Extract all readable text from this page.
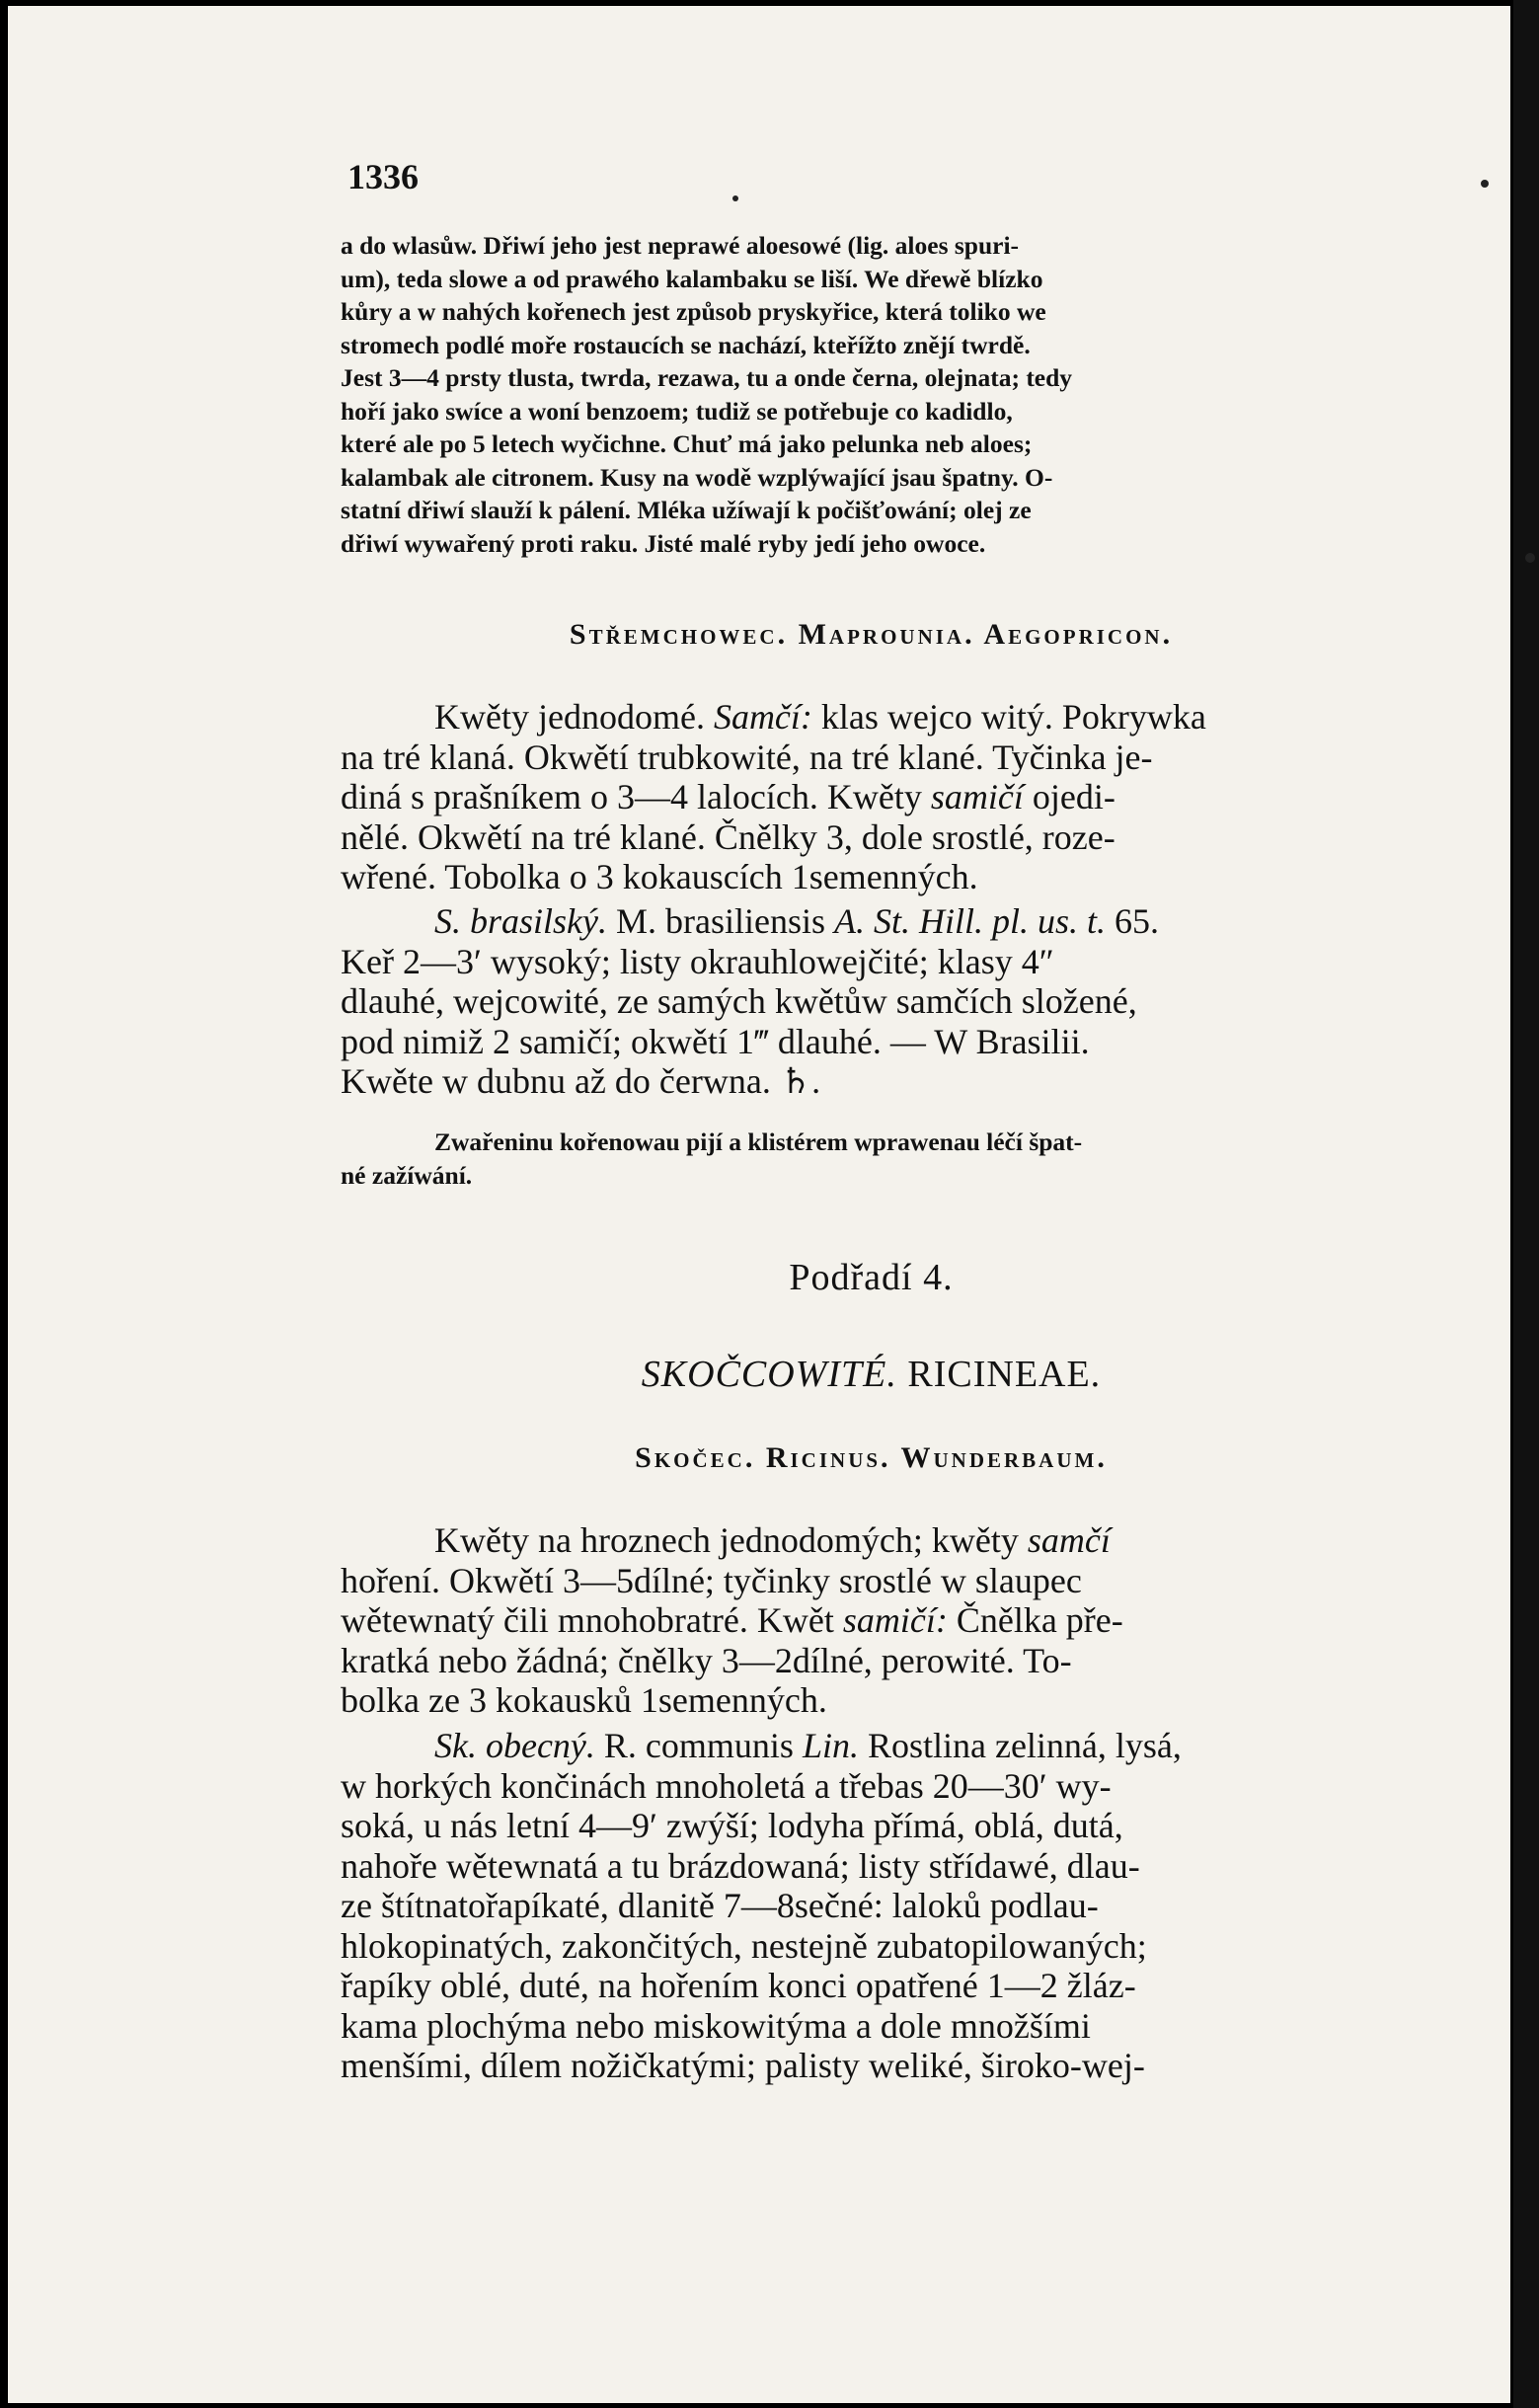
1336
a do wlasůw. Dřiwí jeho jest neprawé aloesowé (lig. aloes spuri-
um), teda slowe a od prawého kalambaku se liší. We dřewě blízko
kůry a w nahých kořenech jest způsob pryskyřice, která toliko we
stromech podlé moře rostaucích se nachází, kteřížto znějí twrdě.
Jest 3—4 prsty tlusta, twrda, rezawa, tu a onde černa, olejnata; tedy
hoří jako swíce a woní benzoem; tudiž se potřebuje co kadidlo,
které ale po 5 letech wyčichne. Chuť má jako pelunka neb aloes;
kalambak ale citronem. Kusy na wodě wzplýwající jsau špatny. O-
statní dřiwí slauží k pálení. Mléka užíwají k počišťowání; olej ze
dřiwí wywařený proti raku. Jisté malé ryby jedí jeho owoce.
Střemchowec. Maprounia. Aegopricon.
Kwěty jednodomé. Samčí: klas wejco witý. Pokrywka
na tré klaná. Okwětí trubkowité, na tré klané. Tyčinka je-
diná s prašníkem o 3—4 lalocích. Kwěty samičí ojedi-
nělé. Okwětí na tré klané. Čnělky 3, dole srostlé, roze-
wřené. Tobolka o 3 kokauscích 1semenných.
S. brasilský. M. brasiliensis A. St. Hill. pl. us. t. 65.
Keř 2—3′ wysoký; listy okrauhlowejčité; klasy 4″
dlauhé, wejcowité, ze samých kwětůw samčích složené,
pod nimiž 2 samičí; okwětí 1‴ dlauhé. — W Brasilii.
Kwěte w dubnu až do čerwna. ♄.
Zwařeninu kořenowau pijí a klistérem wprawenau léčí špat-
né zažíwání.
Podřadí 4.
SKOČCOWITÉ. RICINEAE.
Skočec. Ricinus. Wunderbaum.
Kwěty na hroznech jednodomých; kwěty samčí
hoření. Okwětí 3—5dílné; tyčinky srostlé w slaupec
wětewnatý čili mnohobratré. Kwět samičí: Čnělka pře-
kratká nebo žádná; čnělky 3—2dílné, perowité. To-
bolka ze 3 kokausků 1semenných.
Sk. obecný. R. communis Lin. Rostlina zelinná, lysá,
w horkých končinách mnoholetá a třebas 20—30′ wy-
soká, u nás letní 4—9′ zwýší; lodyha přímá, oblá, dutá,
nahoře wětewnatá a tu brázdowaná; listy střídawé, dlau-
ze štítnatořapíkaté, dlanitě 7—8sečné: laloků podlau-
hlokopinatých, zakončitých, nestejně zubatopilowaných;
řapíky oblé, duté, na hořením konci opatřené 1—2 žláz-
kama plochýma nebo miskowitýma a dole množšími
menšími, dílem nožičkatými; palisty weliké, široko-wej-
